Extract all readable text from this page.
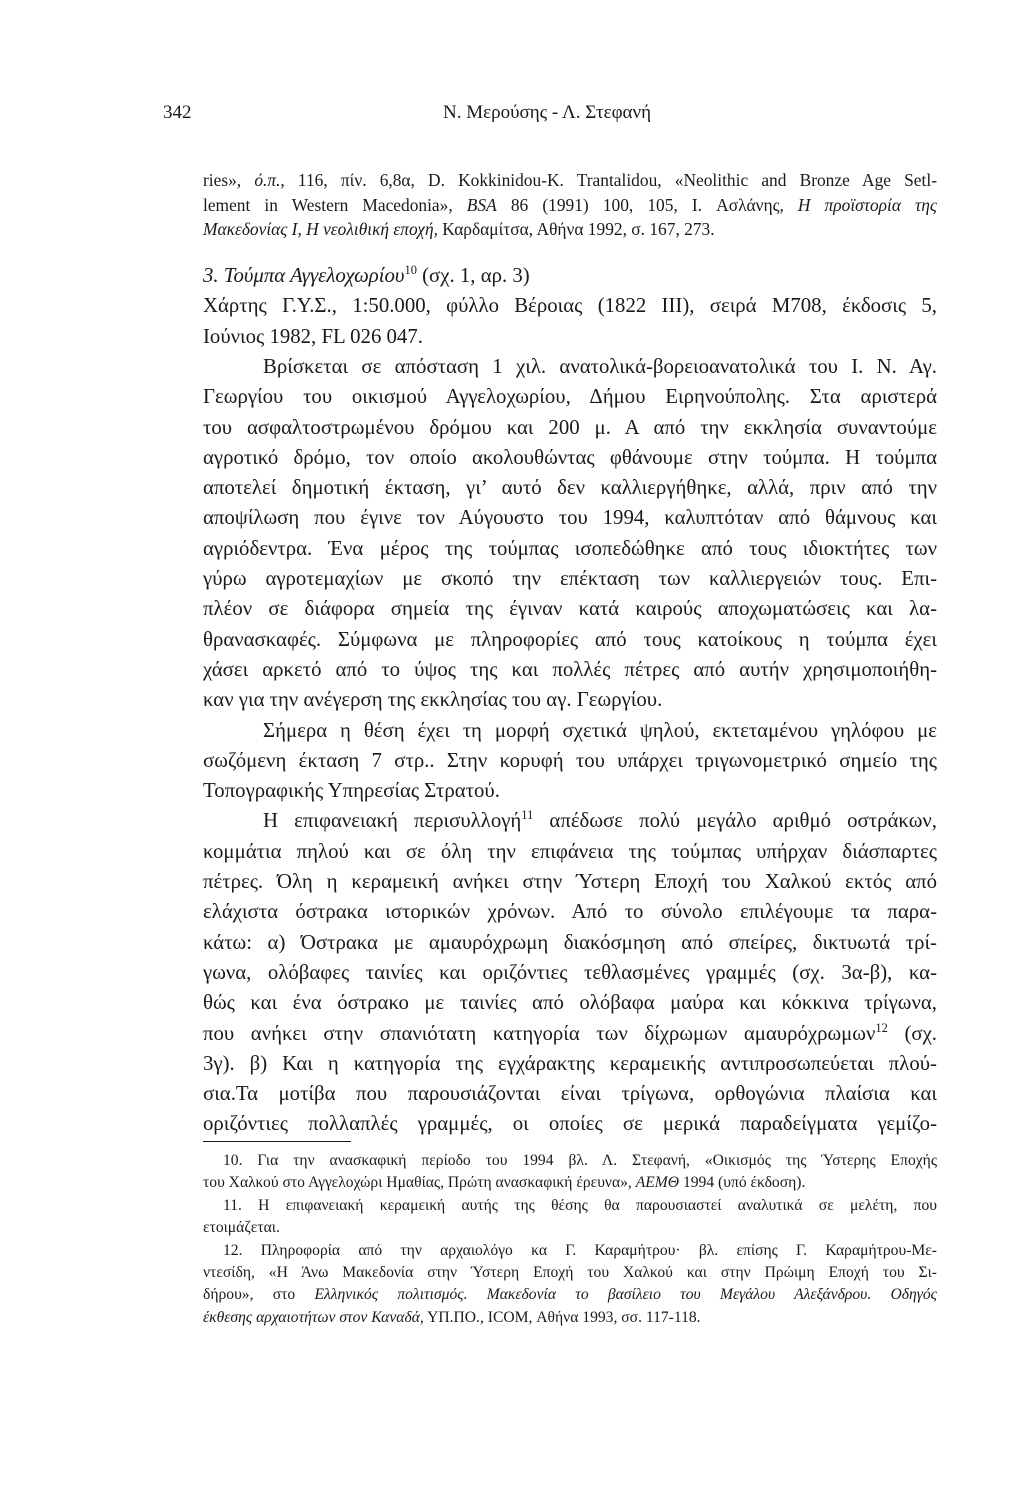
342	Ν. Μερούσης - Λ. Στεφανή
ries», ό.π., 116, πίν. 6,8α, D. Kokkinidou-K. Trantalidou, «Neolithic and Bronze Age Setl-
lement in Western Macedonia», BSA 86 (1991) 100, 105, I. Ασλάνης, Η προϊστορία της
Μακεδονίας I, Η νεολιθική εποχή, Καρδαμίτσα, Αθήνα 1992, σ. 167, 273.
3. Τούμπα Αγγελοχωρίου$^{10}$ (σχ. 1, αρ. 3)
Χάρτης Γ.Υ.Σ., 1:50.000, φύλλο Βέροιας (1822 III), σειρά Μ708, έκδοσις 5,
Ιούνιος 1982, FL 026 047.
Βρίσκεται σε απόσταση 1 χιλ. ανατολικά-βορειοανατολικά του Ι. Ν. Αγ.
Γεωργίου του οικισμού Αγγελοχωρίου, Δήμου Ειρηνούπολης. Στα αριστερά
του ασφαλτοστρωμένου δρόμου και 200 μ. Α από την εκκλησία συναντούμε
αγροτικό δρόμο, τον οποίο ακολουθώντας φθάνουμε στην τούμπα. Η τούμπα
αποτελεί δημοτική έκταση, γι’ αυτό δεν καλλιεργήθηκε, αλλά, πριν από την
αποψίλωση που έγινε τον Αύγουστο του 1994, καλυπτόταν από θάμνους και
αγριόδεντρα. Ένα μέρος της τούμπας ισοπεδώθηκε από τους ιδιοκτήτες των
γύρω αγροτεμαχίων με σκοπό την επέκταση των καλλιεργειών τους. Επι-
πλέον σε διάφορα σημεία της έγιναν κατά καιρούς αποχωματώσεις και λα-
θρανασκαφές. Σύμφωνα με πληροφορίες από τους κατοίκους η τούμπα έχει
χάσει αρκετό από το ύψος της και πολλές πέτρες από αυτήν χρησιμοποιήθη-
καν για την ανέγερση της εκκλησίας του αγ. Γεωργίου.
Σήμερα η θέση έχει τη μορφή σχετικά ψηλού, εκτεταμένου γηλόφου με
σωζόμενη έκταση 7 στρ.. Στην κορυφή του υπάρχει τριγωνομετρικό σημείο της
Τοπογραφικής Υπηρεσίας Στρατού.
Η επιφανειακή περισυλλογή$^{11}$ απέδωσε πολύ μεγάλο αριθμό οστράκων,
κομμάτια πηλού και σε όλη την επιφάνεια της τούμπας υπήρχαν διάσπαρτες
πέτρες. Όλη η κεραμεική ανήκει στην Ύστερη Εποχή του Χαλκού εκτός από
ελάχιστα όστρακα ιστορικών χρόνων. Από το σύνολο επιλέγουμε τα παρα-
κάτω: α) Όστρακα με αμαυρόχρωμη διακόσμηση από σπείρες, δικτυωτά τρί-
γωνα, ολόβαφες ταινίες και οριζόντιες τεθλασμένες γραμμές (σχ. 3α-β), κα-
θώς και ένα όστρακο με ταινίες από ολόβαφα μαύρα και κόκκινα τρίγωνα,
που ανήκει στην σπανιότατη κατηγορία των δίχρωμων αμαυρόχρωμων$^{12}$ (σχ.
3γ). β) Και η κατηγορία της εγχάρακτης κεραμεικής αντιπροσωπεύεται πλού-
σια.Τα μοτίβα που παρουσιάζονται είναι τρίγωνα, ορθογώνια πλαίσια και
οριζόντιες πολλαπλές γραμμές, οι οποίες σε μερικά παραδείγματα γεμίζο-
10. Για την ανασκαφική περίοδο του 1994 βλ. Λ. Στεφανή, «Οικισμός της Ύστερης Εποχής
του Χαλκού στο Αγγελοχώρι Ημαθίας, Πρώτη ανασκαφική έρευνα», ΑΕΜΘ 1994 (υπό έκδοση).
11. Η επιφανειακή κεραμεική αυτής της θέσης θα παρουσιαστεί αναλυτικά σε μελέτη, που
ετοιμάζεται.
12. Πληροφορία από την αρχαιολόγο κα Γ. Καραμήτρου· βλ. επίσης Γ. Καραμήτρου-Με-
ντεσίδη, «Η Άνω Μακεδονία στην Ύστερη Εποχή του Χαλκού και στην Πρώιμη Εποχή του Σι-
δήρου», στο Ελληνικός πολιτισμός. Μακεδονία το βασίλειο του Μεγάλου Αλεξάνδρου. Οδηγός
έκθεσης αρχαιοτήτων στον Καναδά, ΥΠ.ΠΟ., ICOM, Αθήνα 1993, σσ. 117-118.
